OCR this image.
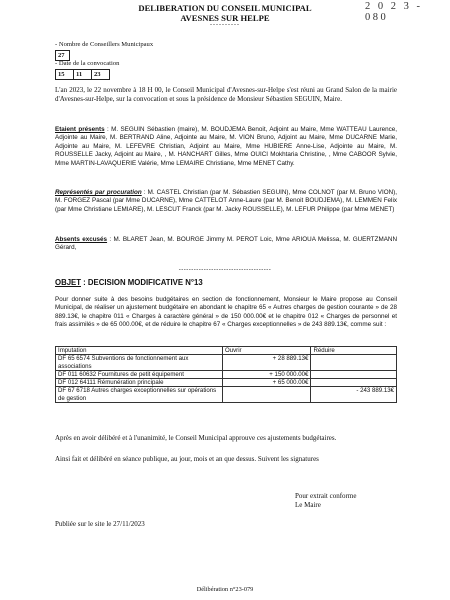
2 0 2 3 - 080
DELIBERATION DU CONSEIL MUNICIPAL
AVESNES SUR HELPE
----------
- Nombre de Conseillers Municipaux
27
- Date de la convocation
15	11	23
L'an 2023, le 22 novembre à 18 H 00, le Conseil Municipal d'Avesnes-sur-Helpe s'est réuni au Grand Salon de la mairie d'Avesnes-sur-Helpe, sur la convocation et sous la présidence de Monsieur Sébastien SEGUIN, Maire.
Etaient présents : M. SEGUIN Sébastien (maire), M. BOUDJEMA Benoit, Adjoint au Maire, Mme WATTEAU Laurence, Adjointe au Maire, M. BERTRAND Aline, Adjointe au Maire, M. VION Bruno, Adjoint au Maire, Mme DUCARNE Marie, Adjointe au Maire, M. LEFEVRE Christian, Adjoint au Maire, Mme HUBIERE Anne-Lise, Adjointe au Maire, M. ROUSSELLE Jacky, Adjoint au Maire, , M. HANCHART Gilles, Mme OUICI Mokhtaria Christine, , Mme CABOOR Sylvie, Mme MARTIN-LAVAQUERIE Valérie, Mme LEMAIRE Christiane, Mme MENET Cathy.
Représentés par procuration : M. CASTEL Christian (par M. Sébastien SEGUIN), Mme COLNOT (par M. Bruno VION), M. FORGEZ Pascal (par Mme DUCARNE), Mme CATTELOT Anne-Laure (par M. Benoit BOUDJEMA), M. LEMMEN Felix (par Mme Christiane LEMIARE), M. LESCUT Franck (par M. Jacky ROUSSELLE), M. LEFUR Philippe (par Mme MENET)
Absents excusés : M. BLARET Jean, M. BOURGE Jimmy M. PEROT Loic, Mme ARIOUA Melissa, M. GUERTZMANN Gérard,
-------------------------------------
OBJET : DECISION MODIFICATIVE N°13
Pour donner suite à des besoins budgétaires en section de fonctionnement, Monsieur le Maire propose au Conseil Municipal, de réaliser un ajustement budgétaire en abondant le chapitre 65 « Autres charges de gestion courante » de 28 889.13€, le chapitre 011 « Charges à caractère général » de 150 000.00€ et le chapitre 012 « Charges de personnel et frais assimilés » de 65 000.00€, et de réduire le chapitre 67 « Charges exceptionnelles » de 243 889.13€, comme suit :
Imputation	Ouvrir	Réduire
DF 65 6574 Subventions de fonctionnement aux associations	+ 28 889.13€	
DF 011 60632 Fournitures de petit équipement	+ 150 000.00€	
DF 012 64111 Rémunération principale	+ 65 000.00€	
DF 67 6718 Autres charges exceptionnelles sur opérations de gestion		- 243 889.13€
Après en avoir délibéré et à l'unanimité, le Conseil Municipal approuve ces ajustements budgétaires.
Ainsi fait et délibéré en séance publique, au jour, mois et an que dessus. Suivent les signatures
Pour extrait conforme
Le Maire
Publiée sur le site le 27/11/2023
Délibération n°23-079
